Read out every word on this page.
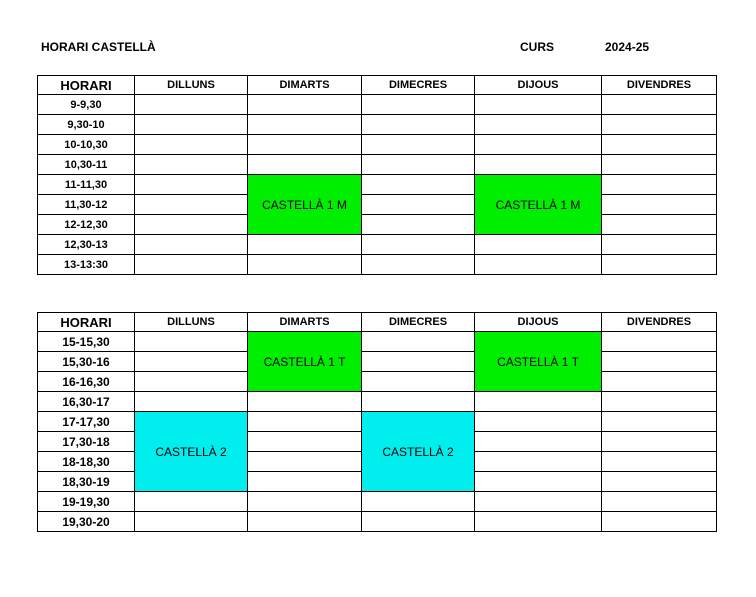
HORARI CASTELLÀ	CURS	2024-25
HORARI	DILLUNS	DIMARTS	DIMECRES	DIJOUS	DIVENDRES
9-9,30					
9,30-10					
10-10,30					
10,30-11					
11-11,30		CASTELLÀ 1 M		CASTELLÀ 1 M	
11,30-12					
12-12,30					
12,30-13					
13-13:30					
HORARI	DILLUNS	DIMARTS	DIMECRES	DIJOUS	DIVENDRES
15-15,30		CASTELLÀ 1 T		CASTELLÀ 1 T	
15,30-16					
16-16,30					
16,30-17					
17-17,30	CASTELLÀ 2		CASTELLÀ 2		
17,30-18					
18-18,30					
18,30-19					
19-19,30					
19,30-20					
